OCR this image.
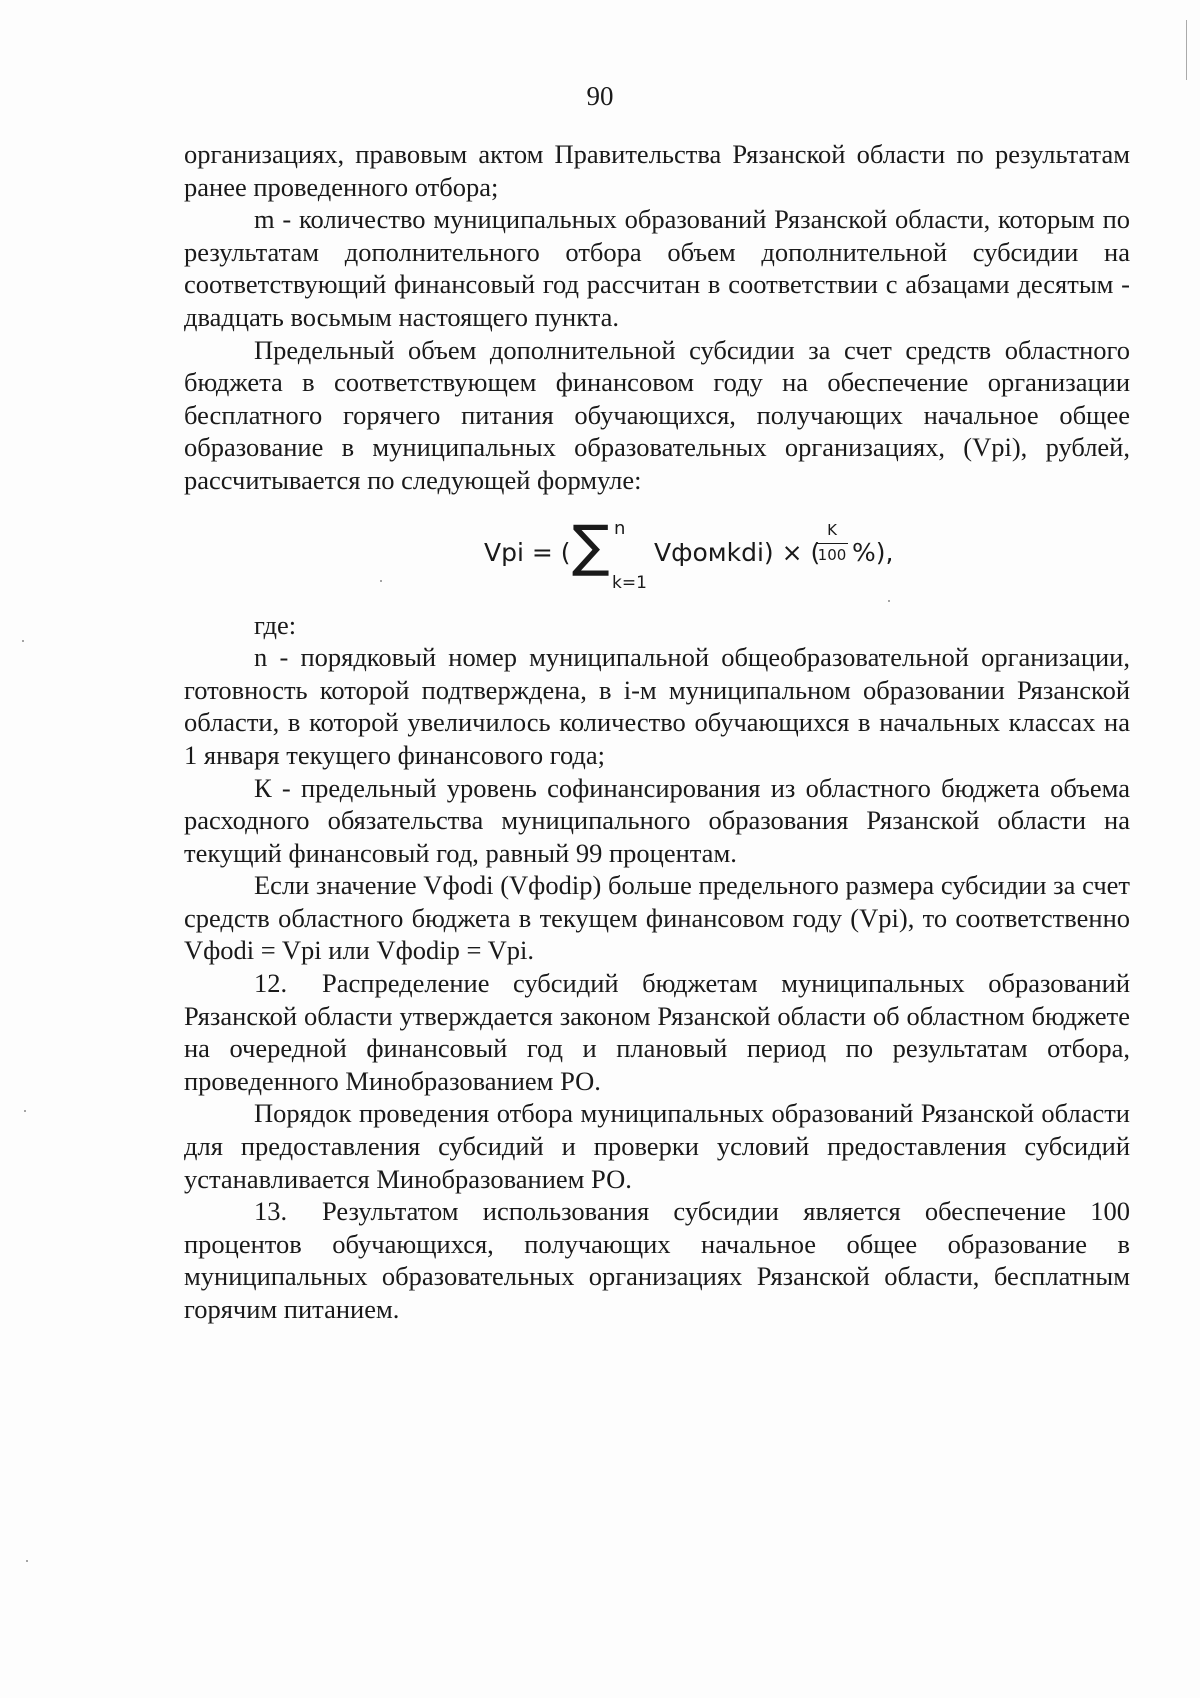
90

организациях, правовым актом Правительства Рязанской области по результатам ранее проведенного отбора;

m - количество муниципальных образований Рязанской области, которым по результатам дополнительного отбора объем дополнительной субсидии на соответствующий финансовый год рассчитан в соответствии с абзацами десятым - двадцать восьмым настоящего пункта.

Предельный объем дополнительной субсидии за счет средств областного бюджета в соответствующем финансовом году на обеспечение организации бесплатного горячего питания обучающихся, получающих начальное общее образование в муниципальных образовательных организациях, (Vpi), рублей, рассчитывается по следующей формуле:

Vpi = ( ∑ n
k=1
Vфомkdi) × (
K
100 %),

где:

n - порядковый номер муниципальной общеобразовательной организации, готовность которой подтверждена, в i-м муниципальном образовании Рязанской области, в которой увеличилось количество обучающихся в начальных классах на 1 января текущего финансового года;

К - предельный уровень софинансирования из областного бюджета объема расходного обязательства муниципального образования Рязанской области на текущий финансовый год, равный 99 процентам.

Если значение Vфоdi (Vфоdip) больше предельного размера субсидии за счет средств областного бюджета в текущем финансовом году (Vpi), то соответственно Vфоdi = Vpi или Vфоdip = Vpi.

12. Распределение субсидий бюджетам муниципальных образований Рязанской области утверждается законом Рязанской области об областном бюджете на очередной финансовый год и плановый период по результатам отбора, проведенного Минобразованием РО.

Порядок проведения отбора муниципальных образований Рязанской области для предоставления субсидий и проверки условий предоставления субсидий устанавливается Минобразованием РО.

13. Результатом использования субсидии является обеспечение 100 процентов обучающихся, получающих начальное общее образование в муниципальных образовательных организациях Рязанской области, бесплатным горячим питанием.
